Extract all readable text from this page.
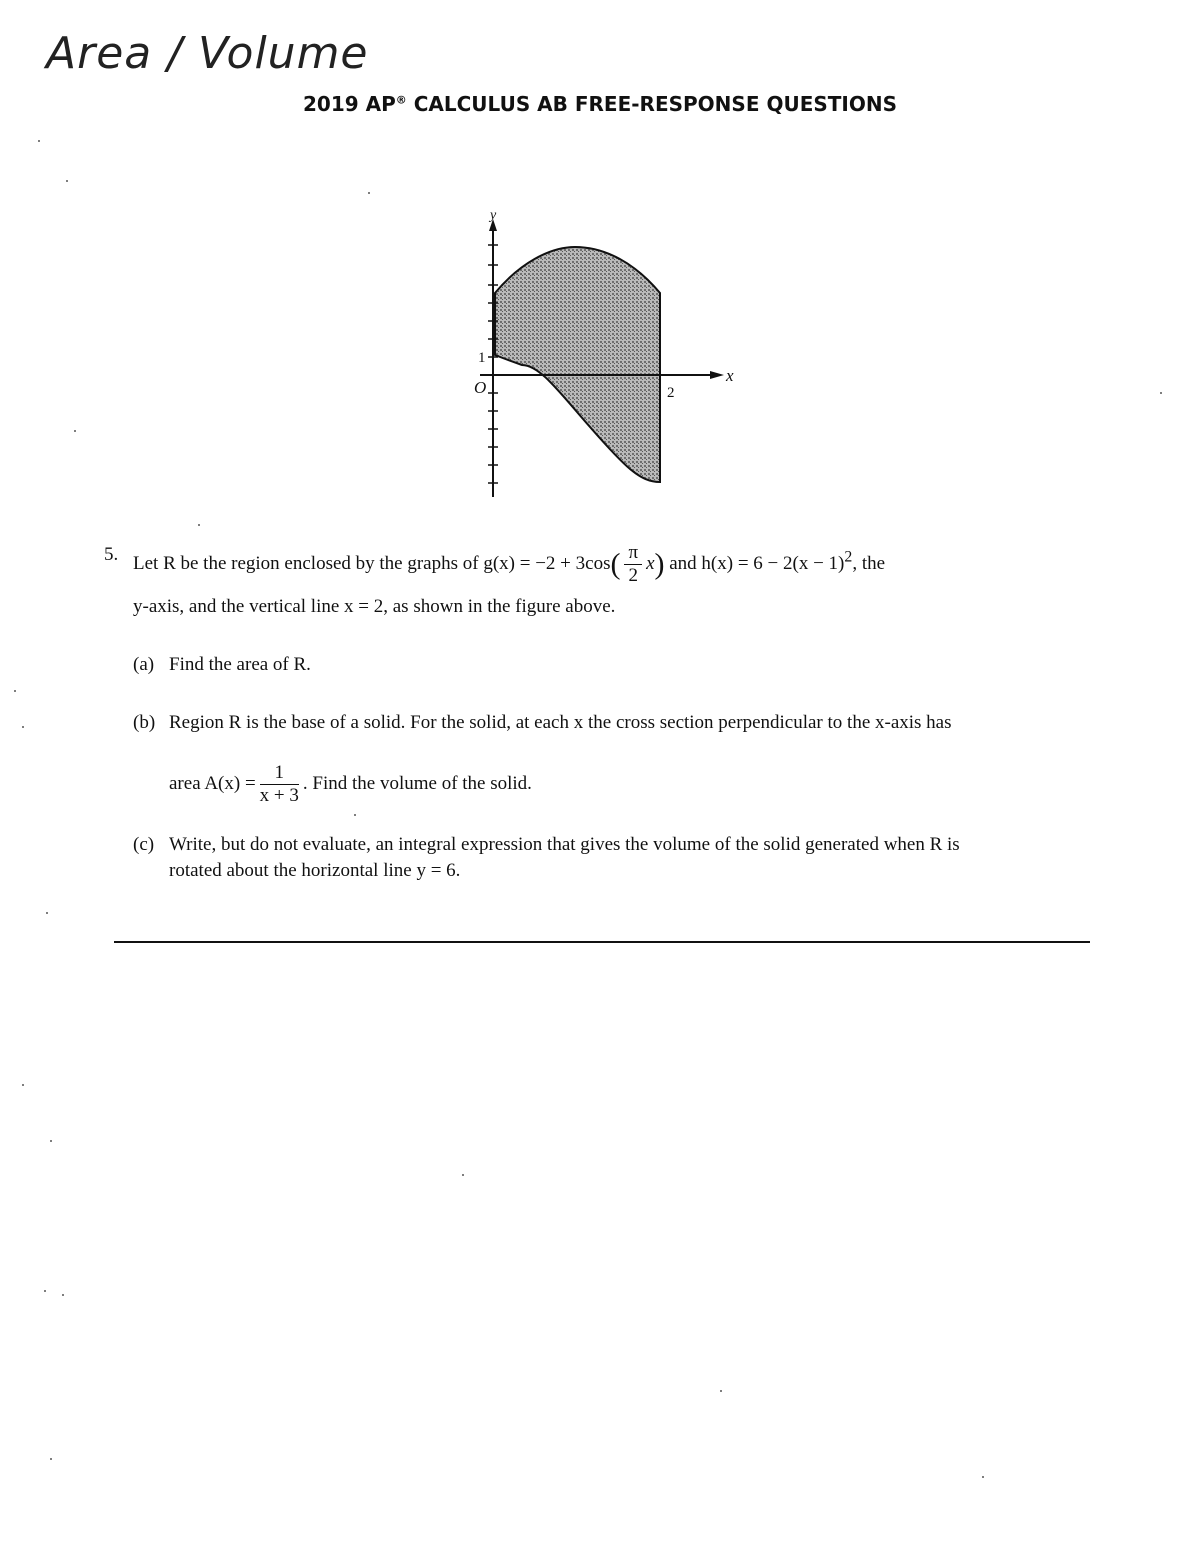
Area / Volume
2019 AP® CALCULUS AB FREE-RESPONSE QUESTIONS
y
x
O
1
2
5. Let R be the region enclosed by the graphs of $g(x) = -2 + 3\cos( \frac{\pi}{2} x)$ and $h(x) = 6 - 2(x - 1)^2$, the
y-axis, and the vertical line x = 2, as shown in the figure above.
(a) Find the area of R.
(b) Region R is the base of a solid. For the solid, at each x the cross section perpendicular to the x-axis has
area $A(x) = \frac{1}{x + 3}$ . Find the volume of the solid.
(c) Write, but do not evaluate, an integral expression that gives the volume of the solid generated when R is
rotated about the horizontal line y = 6.
